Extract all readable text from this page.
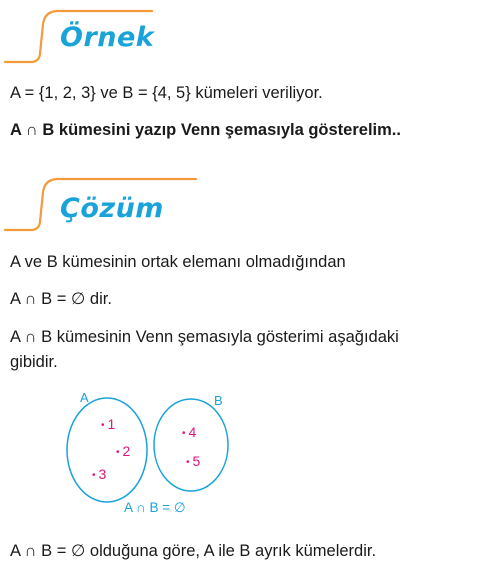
Örnek
A = {1, 2, 3} ve B = {4, 5} kümeleri veriliyor.
A ∩ B kümesini yazıp Venn şemasıyla gösterelim..
Çözüm
A ve B kümesinin ortak elemanı olmadığından
A ∩ B = ∅ dir.
A ∩ B kümesinin Venn şemasıyla gösterimi aşağıdaki
gibidir.
A	B
• 1
• 2
• 3
• 4
• 5
A ∩ B = ∅
A ∩ B = ∅ olduğuna göre, A ile B ayrık kümelerdir.
